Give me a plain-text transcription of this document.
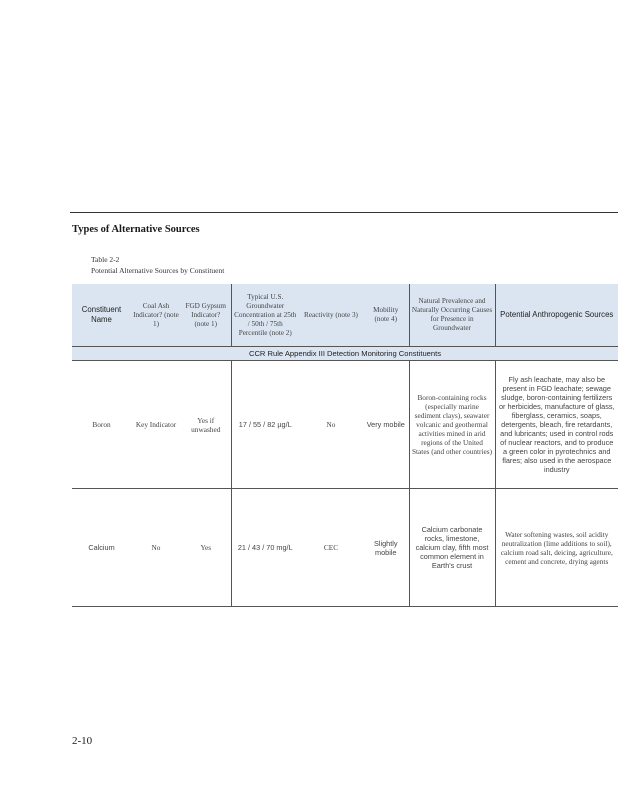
Types of Alternative Sources
Table 2-2
Potential Alternative Sources by Constituent
Constituent Name	Coal Ash Indicator? (note 1)	FGD Gypsum Indicator? (note 1)	Typical U.S. Groundwater Concentration at 25th / 50th / 75th Percentile (note 2)	Reactivity (note 3)	Mobility (note 4)	Natural Prevalence and Naturally Occurring Causes for Presence in Groundwater	Potential Anthropogenic Sources
CCR Rule Appendix III Detection Monitoring Constituents							
Boron	Key Indicator	Yes if unwashed	17 / 55 / 82 µg/L	No	Very mobile	Boron-containing rocks (especially marine sediment clays), seawater volcanic and geothermal activities mined in arid regions of the United States (and other countries)	Fly ash leachate, may also be present in FGD leachate; sewage sludge, boron-containing fertilizers or herbicides, manufacture of glass, fiberglass, ceramics, soaps, detergents, bleach, fire retardants, and lubricants; used in control rods of nuclear reactors, and to produce a green color in pyrotechnics and flares; also used in the aerospace industry
Calcium	No	Yes	21 / 43 / 70 mg/L	CEC	Slightly mobile	Calcium carbonate rocks, limestone, calcium clay, fifth most common element in Earth's crust	Water softening wastes, soil acidity neutralization (lime additions to soil), calcium road salt, deicing, agriculture, cement and concrete, drying agents
2-10
